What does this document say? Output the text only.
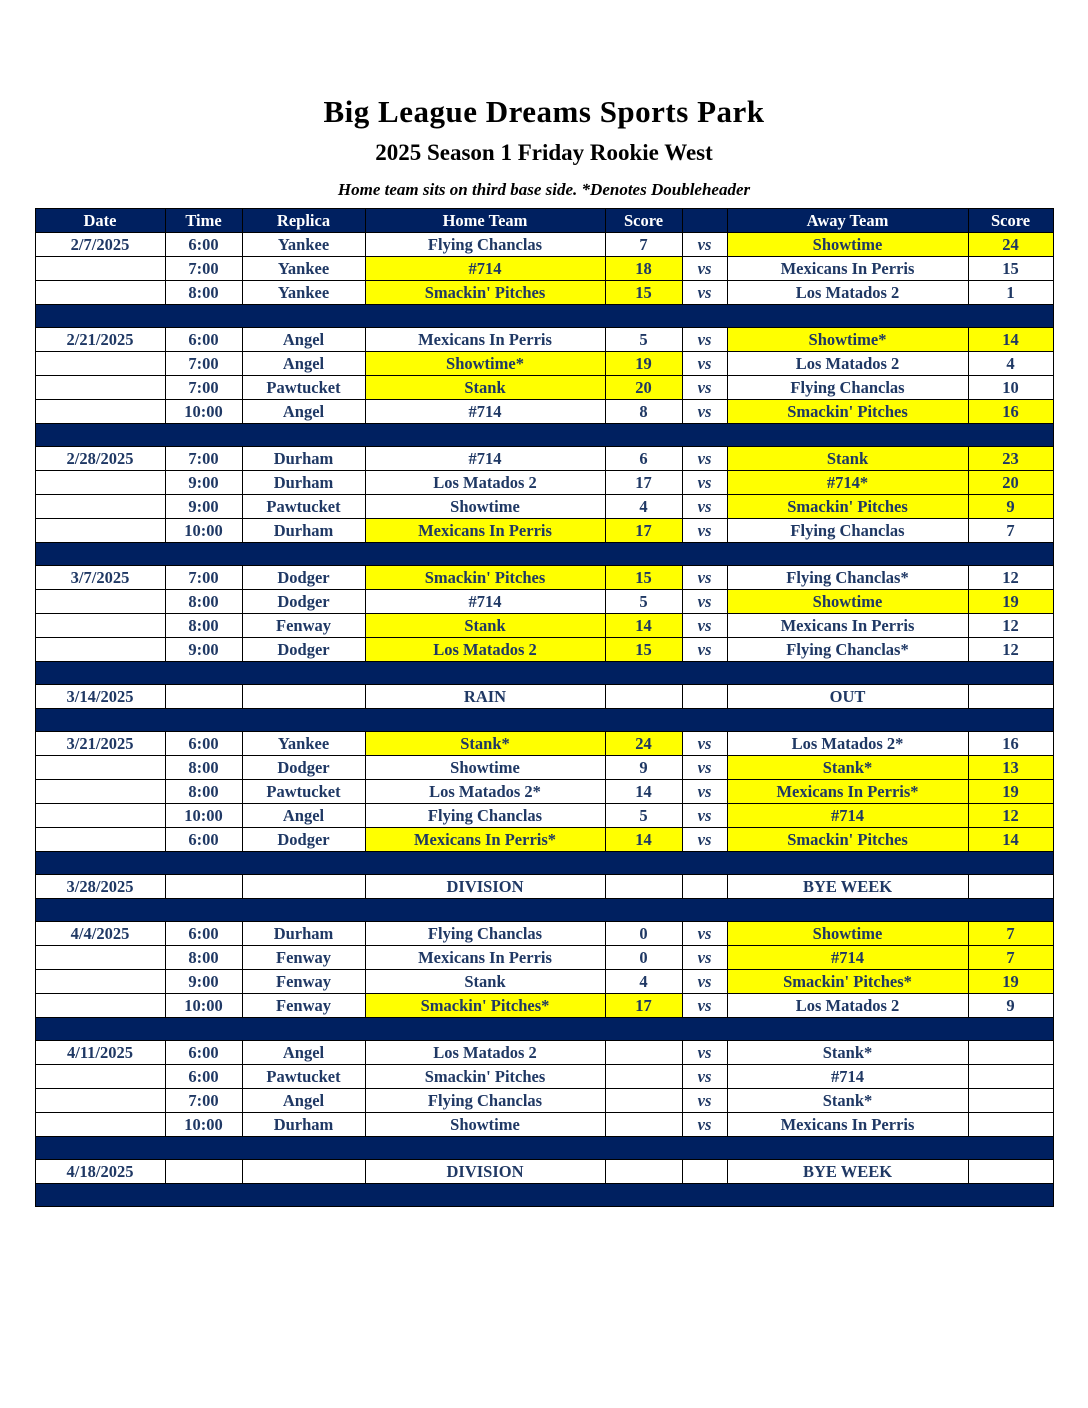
Big League Dreams Sports Park
2025 Season 1 Friday Rookie West

Home team sits on third base side. *Denotes Doubleheader

Date	Time	Replica	Home Team	Score		Away Team	Score
2/7/2025	6:00	Yankee	Flying Chanclas	7	vs	Showtime	24
	7:00	Yankee	#714	18	vs	Mexicans In Perris	15
	8:00	Yankee	Smackin' Pitches	15	vs	Los Matados 2	1

2/21/2025	6:00	Angel	Mexicans In Perris	5	vs	Showtime*	14
	7:00	Angel	Showtime*	19	vs	Los Matados 2	4
	7:00	Pawtucket	Stank	20	vs	Flying Chanclas	10
	10:00	Angel	#714	8	vs	Smackin' Pitches	16

2/28/2025	7:00	Durham	#714	6	vs	Stank	23
	9:00	Durham	Los Matados 2	17	vs	#714*	20
	9:00	Pawtucket	Showtime	4	vs	Smackin' Pitches	9
	10:00	Durham	Mexicans In Perris	17	vs	Flying Chanclas	7

3/7/2025	7:00	Dodger	Smackin' Pitches	15	vs	Flying Chanclas*	12
	8:00	Dodger	#714	5	vs	Showtime	19
	8:00	Fenway	Stank	14	vs	Mexicans In Perris	12
	9:00	Dodger	Los Matados 2	15	vs	Flying Chanclas*	12

3/14/2025			RAIN			OUT	

3/21/2025	6:00	Yankee	Stank*	24	vs	Los Matados 2*	16
	8:00	Dodger	Showtime	9	vs	Stank*	13
	8:00	Pawtucket	Los Matados 2*	14	vs	Mexicans In Perris*	19
	10:00	Angel	Flying Chanclas	5	vs	#714	12
	6:00	Dodger	Mexicans In Perris*	14	vs	Smackin' Pitches	14

3/28/2025			DIVISION			BYE WEEK	

4/4/2025	6:00	Durham	Flying Chanclas	0	vs	Showtime	7
	8:00	Fenway	Mexicans In Perris	0	vs	#714	7
	9:00	Fenway	Stank	4	vs	Smackin' Pitches*	19
	10:00	Fenway	Smackin' Pitches*	17	vs	Los Matados 2	9

4/11/2025	6:00	Angel	Los Matados 2		vs	Stank*	
	6:00	Pawtucket	Smackin' Pitches		vs	#714	
	7:00	Angel	Flying Chanclas		vs	Stank*	
	10:00	Durham	Showtime		vs	Mexicans In Perris	

4/18/2025			DIVISION			BYE WEEK	
